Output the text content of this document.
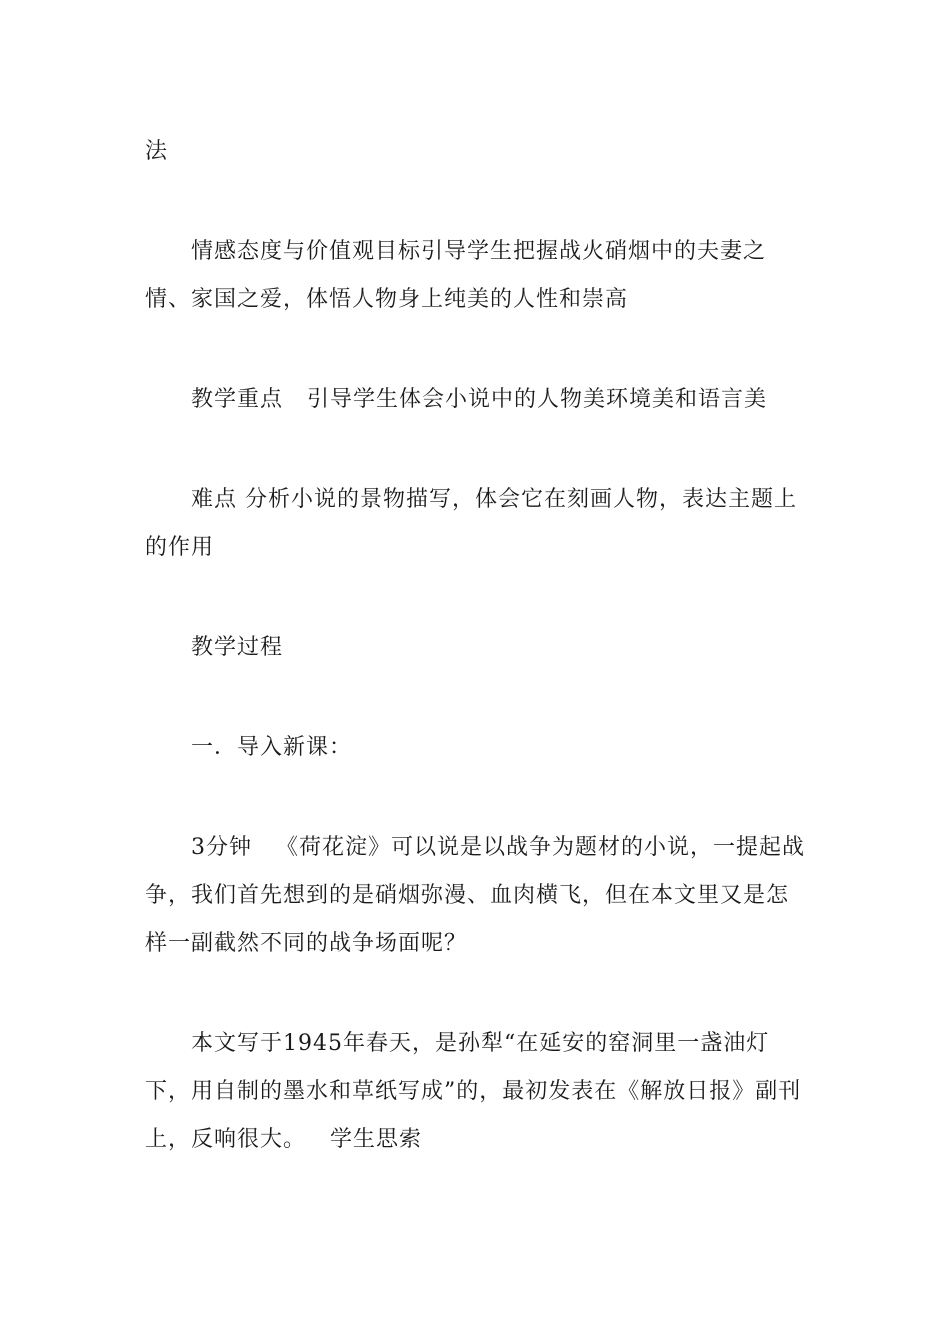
法
情感态度与价值观目标引导学生把握战火硝烟中的夫妻之情、家国之爱，体悟人物身上纯美的人性和崇高
教学重点 引导学生体会小说中的人物美环境美和语言美
难点 分析小说的景物描写，体会它在刻画人物，表达主题上的作用
教学过程
一．导入新课：
3分钟 《荷花淀》可以说是以战争为题材的小说，一提起战争，我们首先想到的是硝烟弥漫、血肉横飞，但在本文里又是怎样一副截然不同的战争场面呢？
本文写于1945年春天，是孙犁“在延安的窑洞里一盏油灯下，用自制的墨水和草纸写成”的，最初发表在《解放日报》副刊上，反响很大。 学生思索
